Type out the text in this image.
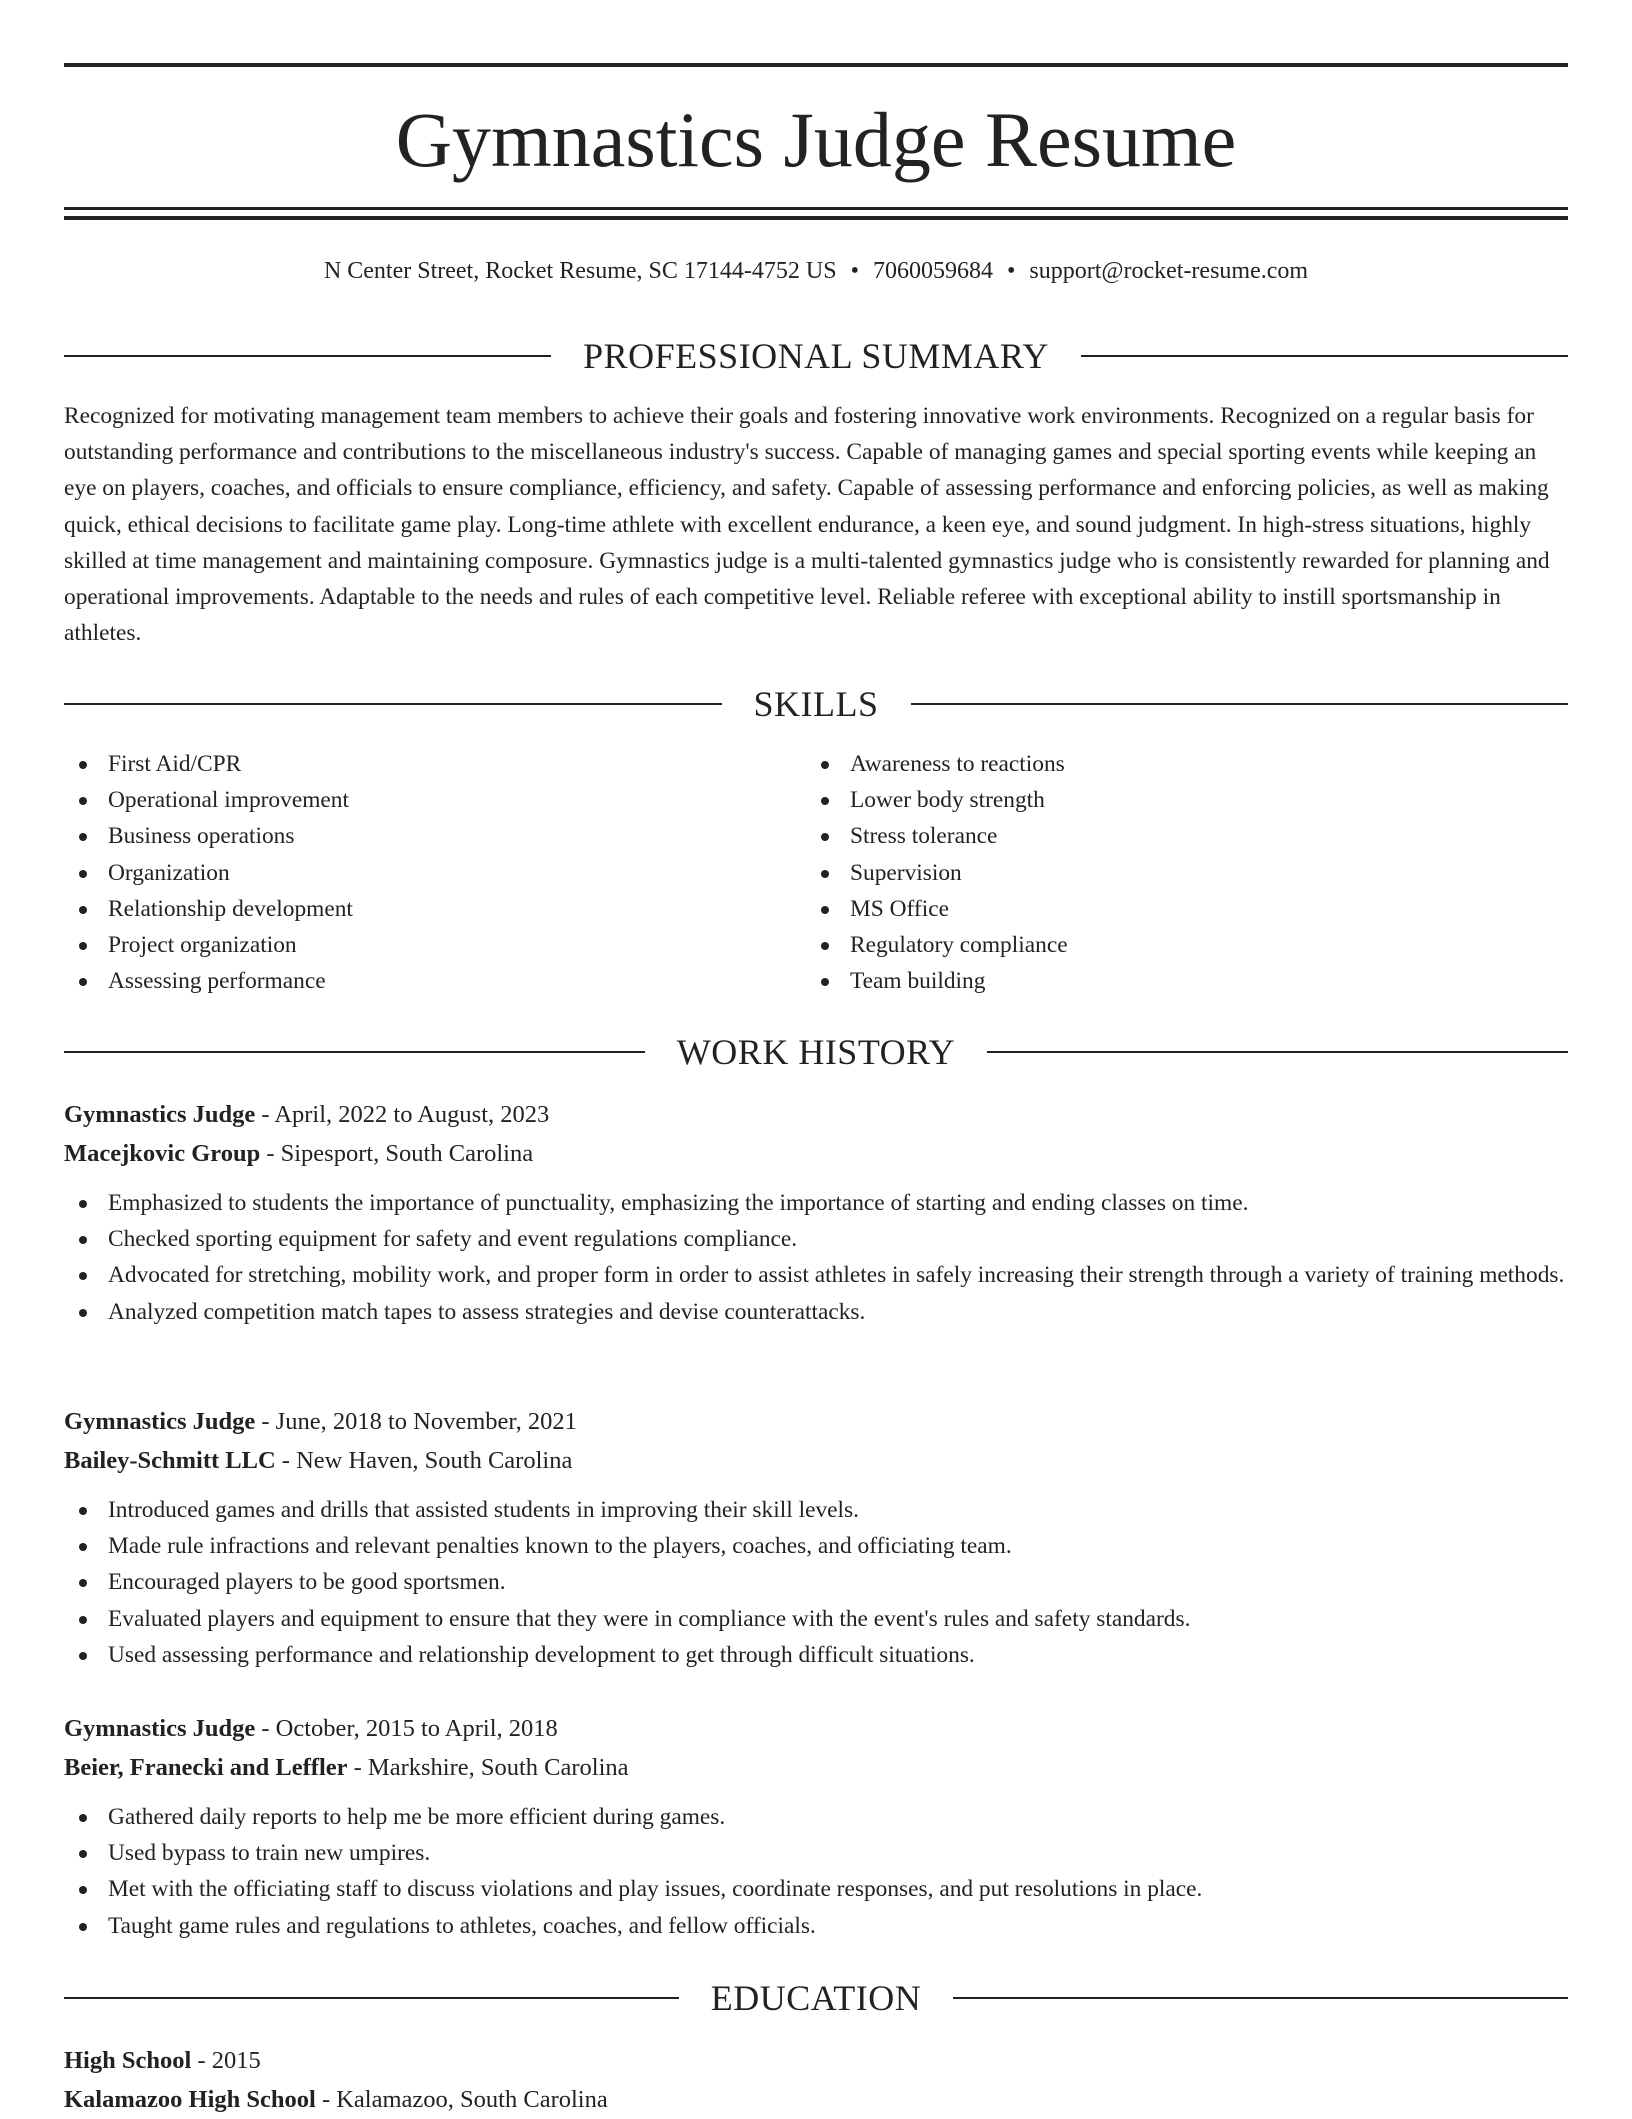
Gymnastics Judge Resume
N Center Street, Rocket Resume, SC 17144-4752 US • 7060059684 • support@rocket-resume.com
PROFESSIONAL SUMMARY

Recognized for motivating management team members to achieve their goals and fostering innovative work environments. Recognized on a regular basis for outstanding performance and contributions to the miscellaneous industry's success. Capable of managing games and special sporting events while keeping an eye on players, coaches, and officials to ensure compliance, efficiency, and safety. Capable of assessing performance and enforcing policies, as well as making quick, ethical decisions to facilitate game play. Long-time athlete with excellent endurance, a keen eye, and sound judgment. In high-stress situations, highly skilled at time management and maintaining composure. Gymnastics judge is a multi-talented gymnastics judge who is consistently rewarded for planning and operational improvements. Adaptable to the needs and rules of each competitive level. Reliable referee with exceptional ability to instill sportsmanship in athletes.

SKILLS
First Aid/CPR
Operational improvement
Business operations
Organization
Relationship development
Project organization
Assessing performance
Awareness to reactions
Lower body strength
Stress tolerance
Supervision
MS Office
Regulatory compliance
Team building
WORK HISTORY
Gymnastics Judge - April, 2022 to August, 2023
Macejkovic Group - Sipesport, South Carolina
Emphasized to students the importance of punctuality, emphasizing the importance of starting and ending classes on time.
Checked sporting equipment for safety and event regulations compliance.
Advocated for stretching, mobility work, and proper form in order to assist athletes in safely increasing their strength through a variety of training methods.
Analyzed competition match tapes to assess strategies and devise counterattacks.
Gymnastics Judge - June, 2018 to November, 2021
Bailey-Schmitt LLC - New Haven, South Carolina
Introduced games and drills that assisted students in improving their skill levels.
Made rule infractions and relevant penalties known to the players, coaches, and officiating team.
Encouraged players to be good sportsmen.
Evaluated players and equipment to ensure that they were in compliance with the event's rules and safety standards.
Used assessing performance and relationship development to get through difficult situations.
Gymnastics Judge - October, 2015 to April, 2018
Beier, Franecki and Leffler - Markshire, South Carolina
Gathered daily reports to help me be more efficient during games.
Used bypass to train new umpires.
Met with the officiating staff to discuss violations and play issues, coordinate responses, and put resolutions in place.
Taught game rules and regulations to athletes, coaches, and fellow officials.
EDUCATION
High School - 2015
Kalamazoo High School - Kalamazoo, South Carolina
